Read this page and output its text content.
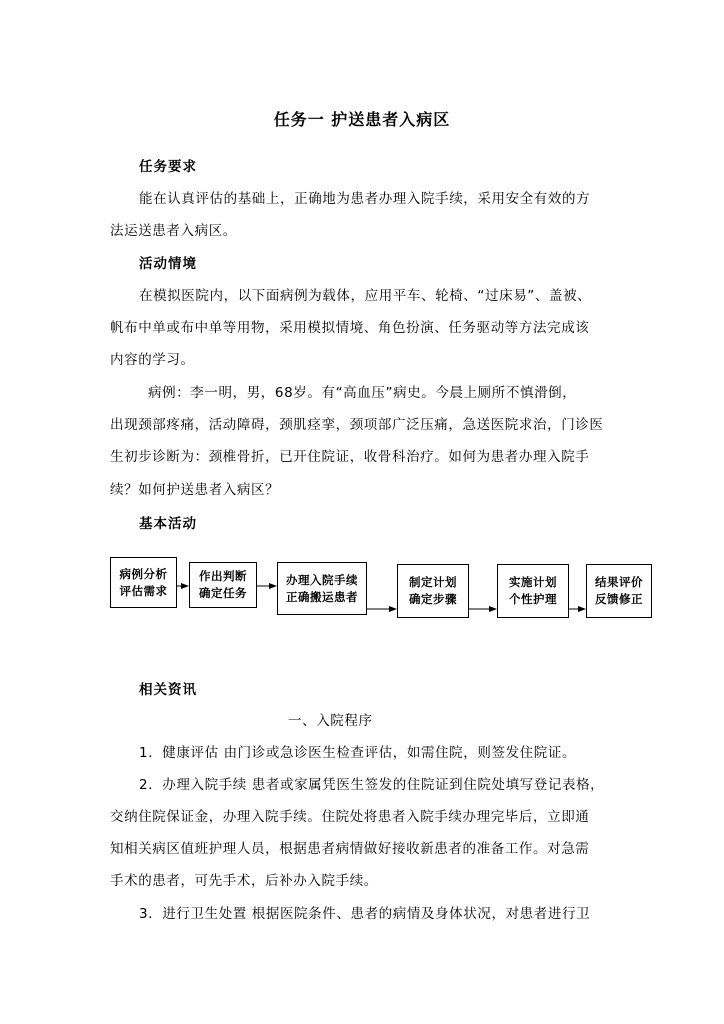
任务一 护送患者入病区
任务要求
能在认真评估的基础上，正确地为患者办理入院手续，采用安全有效的方
法运送患者入病区。
活动情境
在模拟医院内，以下面病例为载体，应用平车、轮椅、“过床易”、盖被、
帆布中单或布中单等用物，采用模拟情境、角色扮演、任务驱动等方法完成该
内容的学习。
病例：李一明，男，68岁。有“高血压”病史。今晨上厕所不慎滑倒，
出现颈部疼痛，活动障碍，颈肌痉挛，颈项部广泛压痛，急送医院求治，门诊医
生初步诊断为：颈椎骨折，已开住院证，收骨科治疗。如何为患者办理入院手
续？如何护送患者入病区？
基本活动
病例分析
评估需求
作出判断
确定任务
办理入院手续
正确搬运患者
制定计划
确定步骤
实施计划
个性护理
结果评价
反馈修正
相关资讯
一、入院程序
1．健康评估 由门诊或急诊医生检查评估，如需住院，则签发住院证。
2．办理入院手续 患者或家属凭医生签发的住院证到住院处填写登记表格，
交纳住院保证金，办理入院手续。住院处将患者入院手续办理完毕后，立即通
知相关病区值班护理人员，根据患者病情做好接收新患者的准备工作。对急需
手术的患者，可先手术，后补办入院手续。
3．进行卫生处置 根据医院条件、患者的病情及身体状况，对患者进行卫
